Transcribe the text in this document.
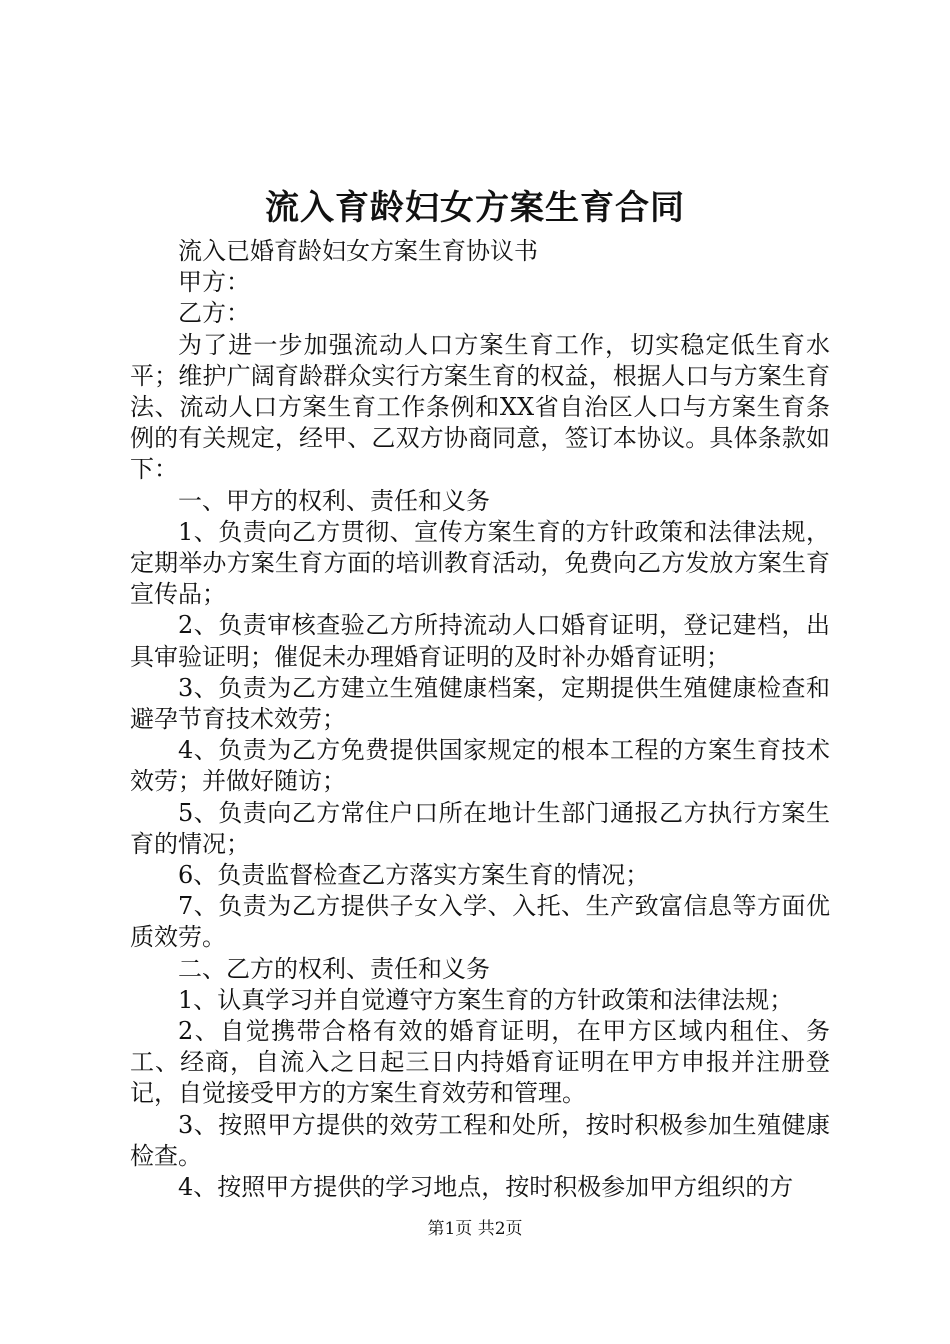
流入育龄妇女方案生育合同

流入已婚育龄妇女方案生育协议书

甲方：

乙方：

为了进一步加强流动人口方案生育工作，切实稳定低生育水平；维护广阔育龄群众实行方案生育的权益，根据人口与方案生育法、流动人口方案生育工作条例和XX省自治区人口与方案生育条例的有关规定，经甲、乙双方协商同意，签订本协议。具体条款如下：

一、甲方的权利、责任和义务

1、负责向乙方贯彻、宣传方案生育的方针政策和法律法规，定期举办方案生育方面的培训教育活动，免费向乙方发放方案生育宣传品；

2、负责审核查验乙方所持流动人口婚育证明，登记建档，出具审验证明；催促未办理婚育证明的及时补办婚育证明；

3、负责为乙方建立生殖健康档案，定期提供生殖健康检查和避孕节育技术效劳；

4、负责为乙方免费提供国家规定的根本工程的方案生育技术效劳；并做好随访；

5、负责向乙方常住户口所在地计生部门通报乙方执行方案生育的情况；

6、负责监督检查乙方落实方案生育的情况；

7、负责为乙方提供子女入学、入托、生产致富信息等方面优质效劳。

二、乙方的权利、责任和义务

1、认真学习并自觉遵守方案生育的方针政策和法律法规；

2、自觉携带合格有效的婚育证明，在甲方区域内租住、务工、经商，自流入之日起三日内持婚育证明在甲方申报并注册登记，自觉接受甲方的方案生育效劳和管理。

3、按照甲方提供的效劳工程和处所，按时积极参加生殖健康检查。

4、按照甲方提供的学习地点，按时积极参加甲方组织的方

第1页 共2页
